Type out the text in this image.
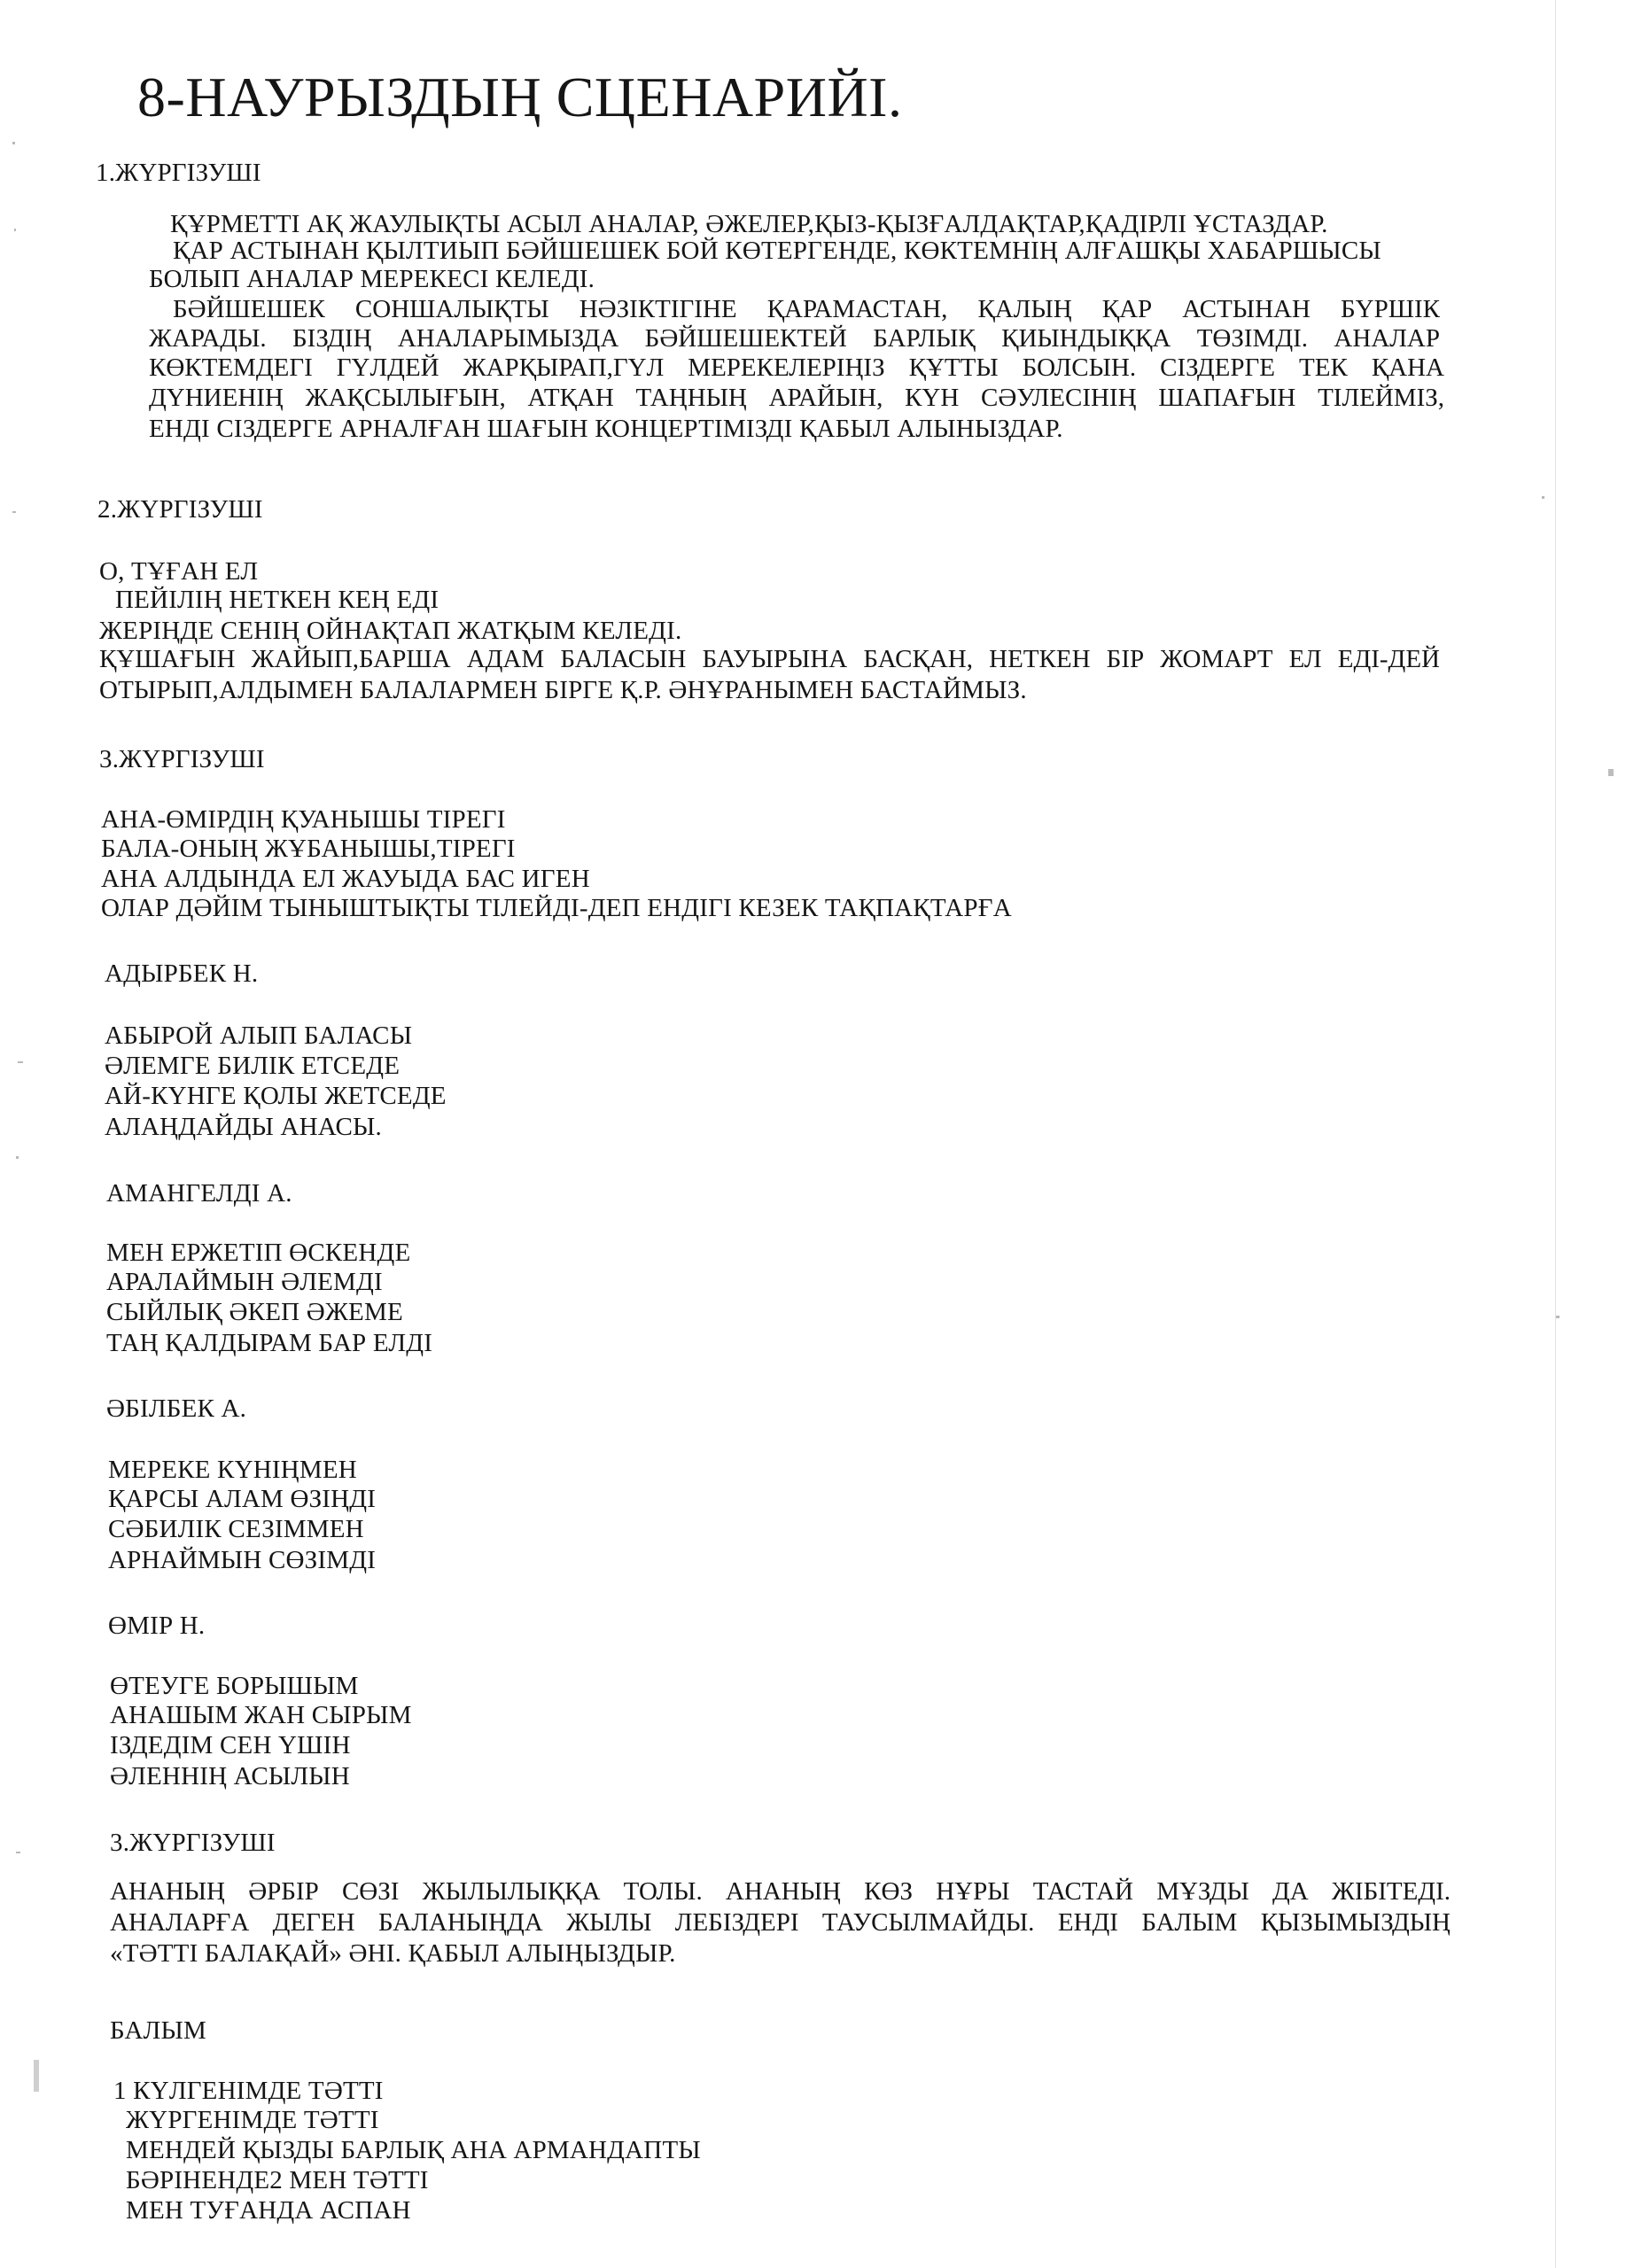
8-НАУРЫЗДЫҢ СЦЕНАРИЙІ.
1.ЖҮРГІЗУШІ
ҚҰРМЕТТІ АҚ ЖАУЛЫҚТЫ АСЫЛ АНАЛАР, ӘЖЕЛЕР,ҚЫЗ-ҚЫЗҒАЛДАҚТАР,ҚАДІРЛІ ҰСТАЗДАР.
ҚАР АСТЫНАН ҚЫЛТИЫП БӘЙШЕШЕК БОЙ КӨТЕРГЕНДЕ, КӨКТЕМНІҢ АЛҒАШҚЫ ХАБАРШЫСЫ
БОЛЫП АНАЛАР МЕРЕКЕСІ КЕЛЕДІ.
БӘЙШЕШЕК СОНШАЛЫҚТЫ НӘЗІКТІГІНЕ ҚАРАМАСТАН, ҚАЛЫҢ ҚАР АСТЫНАН БҮРШІК
ЖАРАДЫ. БІЗДІҢ АНАЛАРЫМЫЗДА БӘЙШЕШЕКТЕЙ БАРЛЫҚ ҚИЫНДЫҚҚА ТӨЗІМДІ. АНАЛАР
КӨКТЕМДЕГІ ГҮЛДЕЙ ЖАРҚЫРАП,ГҮЛ МЕРЕКЕЛЕРІҢІЗ ҚҰТТЫ БОЛСЫН. СІЗДЕРГЕ ТЕК ҚАНА
ДҮНИЕНІҢ ЖАҚСЫЛЫҒЫН, АТҚАН ТАҢНЫҢ АРАЙЫН, КҮН СӘУЛЕСІНІҢ ШАПАҒЫН ТІЛЕЙМІЗ,
ЕНДІ СІЗДЕРГЕ АРНАЛҒАН ШАҒЫН КОНЦЕРТІМІЗДІ ҚАБЫЛ АЛЫНЫЗДАР.
2.ЖҮРГІЗУШІ
О, ТҰҒАН ЕЛ
ПЕЙІЛІҢ НЕТКЕН КЕҢ ЕДІ
ЖЕРІҢДЕ СЕНІҢ ОЙНАҚТАП ЖАТҚЫМ КЕЛЕДІ.
ҚҰШАҒЫН ЖАЙЫП,БАРША АДАМ БАЛАСЫН БАУЫРЫНА БАСҚАН, НЕТКЕН БІР ЖОМАРТ ЕЛ ЕДІ-ДЕЙ
ОТЫРЫП,АЛДЫМЕН БАЛАЛАРМЕН БІРГЕ Қ.Р. ӘНҰРАНЫМЕН БАСТАЙМЫЗ.
3.ЖҮРГІЗУШІ
АНА-ӨМІРДІҢ ҚУАНЫШЫ ТІРЕГІ
БАЛА-ОНЫҢ ЖҰБАНЫШЫ,ТІРЕГІ
АНА АЛДЫНДА ЕЛ ЖАУЫДА БАС ИГЕН
ОЛАР ДӘЙІМ ТЫНЫШТЫҚТЫ ТІЛЕЙДІ-ДЕП ЕНДІГІ КЕЗЕК ТАҚПАҚТАРҒА
АДЫРБЕК Н.
АБЫРОЙ АЛЫП БАЛАСЫ
ӘЛЕМГЕ БИЛІК ЕТСЕДЕ
АЙ-КҮНГЕ ҚОЛЫ ЖЕТСЕДЕ
АЛАҢДАЙДЫ АНАСЫ.
АМАНГЕЛДІ А.
МЕН ЕРЖЕТІП ӨСКЕНДЕ
АРАЛАЙМЫН ӘЛЕМДІ
СЫЙЛЫҚ ӘКЕП ӘЖЕМЕ
ТАҢ ҚАЛДЫРАМ БАР ЕЛДІ
ӘБІЛБЕК А.
МЕРЕКЕ КҮНІҢМЕН
ҚАРСЫ АЛАМ ӨЗІҢДІ
СӘБИЛІК СЕЗІММЕН
АРНАЙМЫН СӨЗІМДІ
ӨМІР Н.
ӨТЕУГЕ БОРЫШЫМ
АНАШЫМ ЖАН СЫРЫМ
ІЗДЕДІМ СЕН ҮШІН
ӘЛЕННІҢ АСЫЛЫН
3.ЖҮРГІЗУШІ
АНАНЫҢ ӘРБІР СӨЗІ ЖЫЛЫЛЫҚҚА ТОЛЫ. АНАНЫҢ КӨЗ НҰРЫ ТАСТАЙ МҰЗДЫ ДА ЖІБІТЕДІ.
АНАЛАРҒА ДЕГЕН БАЛАНЫҢДА ЖЫЛЫ ЛЕБІЗДЕРІ ТАУСЫЛМАЙДЫ. ЕНДІ БАЛЫМ ҚЫЗЫМЫЗДЫҢ
«ТӘТТІ БАЛАҚАЙ» ӘНІ. ҚАБЫЛ АЛЫҢЫЗДЫР.
БАЛЫМ
1 КҮЛГЕНІМДЕ ТӘТТІ
ЖҮРГЕНІМДЕ ТӘТТІ
МЕНДЕЙ ҚЫЗДЫ БАРЛЫҚ АНА АРМАНДАПТЫ
БӘРІНЕНДЕ2 МЕН ТӘТТІ
МЕН ТУҒАНДА АСПАН
